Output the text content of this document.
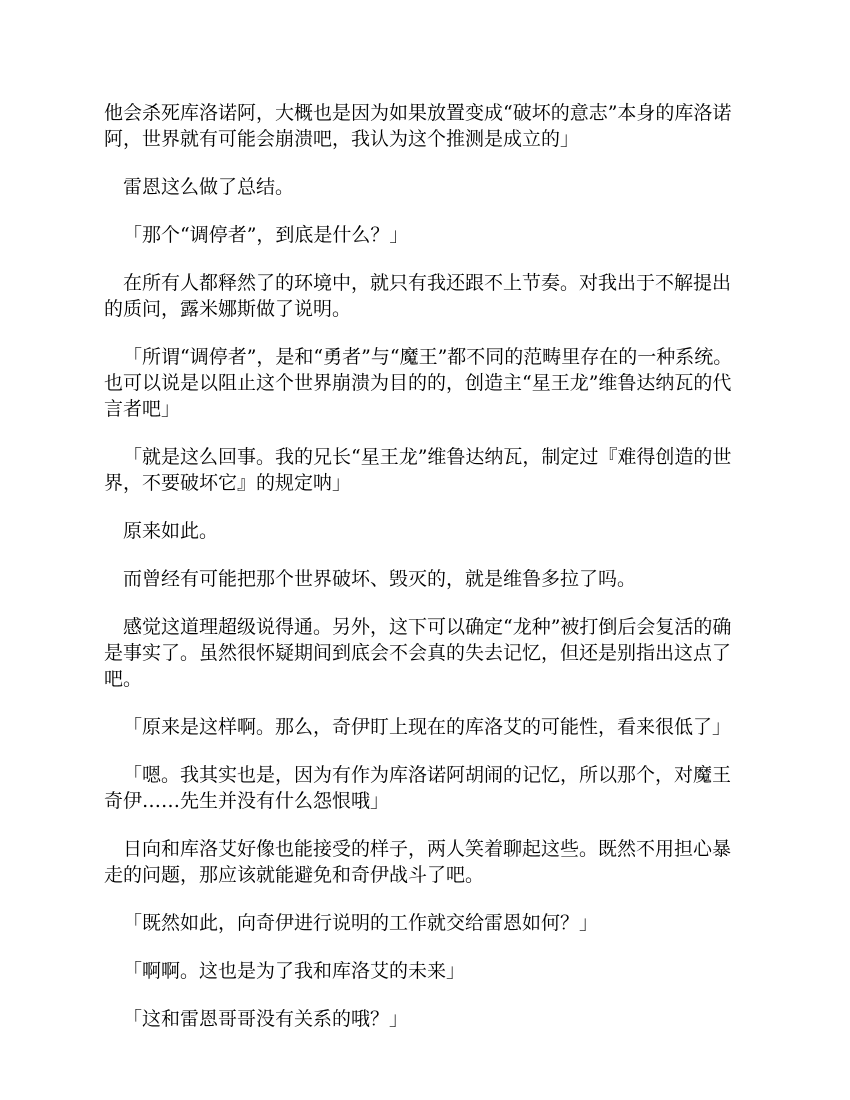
他会杀死库洛诺阿，大概也是因为如果放置变成“破坏的意志”本身的库洛诺阿，世界就有可能会崩溃吧，我认为这个推测是成立的」

雷恩这么做了总结。

「那个“调停者”，到底是什么？」

在所有人都释然了的环境中，就只有我还跟不上节奏。对我出于不解提出的质问，露米娜斯做了说明。

「所谓“调停者”，是和“勇者”与“魔王”都不同的范畴里存在的一种系统。也可以说是以阻止这个世界崩溃为目的的，创造主“星王龙”维鲁达纳瓦的代言者吧」

「就是这么回事。我的兄长“星王龙”维鲁达纳瓦，制定过『难得创造的世界，不要破坏它』的规定呐」

原来如此。

而曾经有可能把那个世界破坏、毁灭的，就是维鲁多拉了吗。

感觉这道理超级说得通。另外，这下可以确定“龙种”被打倒后会复活的确是事实了。虽然很怀疑期间到底会不会真的失去记忆，但还是别指出这点了吧。

「原来是这样啊。那么，奇伊盯上现在的库洛艾的可能性，看来很低了」

「嗯。我其实也是，因为有作为库洛诺阿胡闹的记忆，所以那个，对魔王奇伊……先生并没有什么怨恨哦」

日向和库洛艾好像也能接受的样子，两人笑着聊起这些。既然不用担心暴走的问题，那应该就能避免和奇伊战斗了吧。

「既然如此，向奇伊进行说明的工作就交给雷恩如何？」

「啊啊。这也是为了我和库洛艾的未来」

「这和雷恩哥哥没有关系的哦？」
